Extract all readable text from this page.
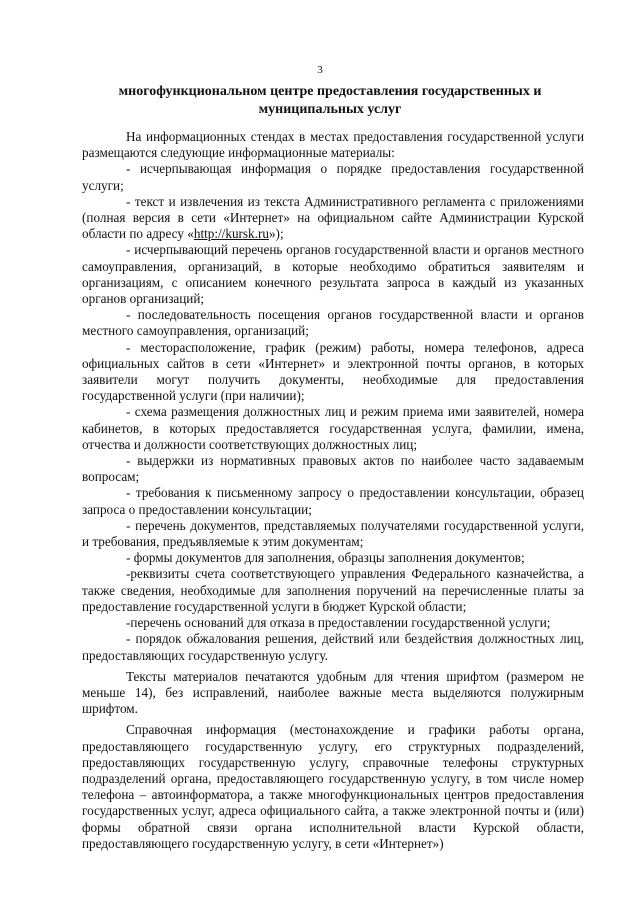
3
многофункциональном центре предоставления государственных и
муниципальных услуг

На информационных стендах в местах предоставления государственной услуги размещаются следующие информационные материалы:

- исчерпывающая информация о порядке предоставления государственной услуги;

- текст и извлечения из текста Административного регламента с приложениями (полная версия в сети «Интернет» на официальном сайте Администрации Курской области по адресу «http://kursk.ru»);

- исчерпывающий перечень органов государственной власти и органов местного самоуправления, организаций, в которые необходимо обратиться заявителям и организациям, с описанием конечного результата запроса в каждый из указанных органов организаций;

- последовательность посещения органов государственной власти и органов местного самоуправления, организаций;

- месторасположение, график (режим) работы, номера телефонов, адреса официальных сайтов в сети «Интернет» и электронной почты органов, в которых заявители могут получить документы, необходимые для предоставления государственной услуги (при наличии);

- схема размещения должностных лиц и режим приема ими заявителей, номера кабинетов, в которых предоставляется государственная услуга, фамилии, имена, отчества и должности соответствующих должностных лиц;

- выдержки из нормативных правовых актов по наиболее часто задаваемым вопросам;

- требования к письменному запросу о предоставлении консультации, образец запроса о предоставлении консультации;

- перечень документов, представляемых получателями государственной услуги, и требования, предъявляемые к этим документам;

- формы документов для заполнения, образцы заполнения документов;

-реквизиты счета соответствующего управления Федерального казначейства, а также сведения, необходимые для заполнения поручений на перечисленные платы за предоставление государственной услуги в бюджет Курской области;

-перечень оснований для отказа в предоставлении государственной услуги;

- порядок обжалования решения, действий или бездействия должностных лиц, предоставляющих государственную услугу.

Тексты материалов печатаются удобным для чтения шрифтом (размером не меньше 14), без исправлений, наиболее важные места выделяются полужирным шрифтом.

Справочная информация (местонахождение и графики работы органа, предоставляющего государственную услугу, его структурных подразделений, предоставляющих государственную услугу, справочные телефоны структурных подразделений органа, предоставляющего государственную услугу, в том числе номер телефона – автоинформатора, а также многофункциональных центров предоставления государственных услуг, адреса официального сайта, а также электронной почты и (или) формы обратной связи органа исполнительной власти Курской области, предоставляющего государственную услугу, в сети «Интернет»)
